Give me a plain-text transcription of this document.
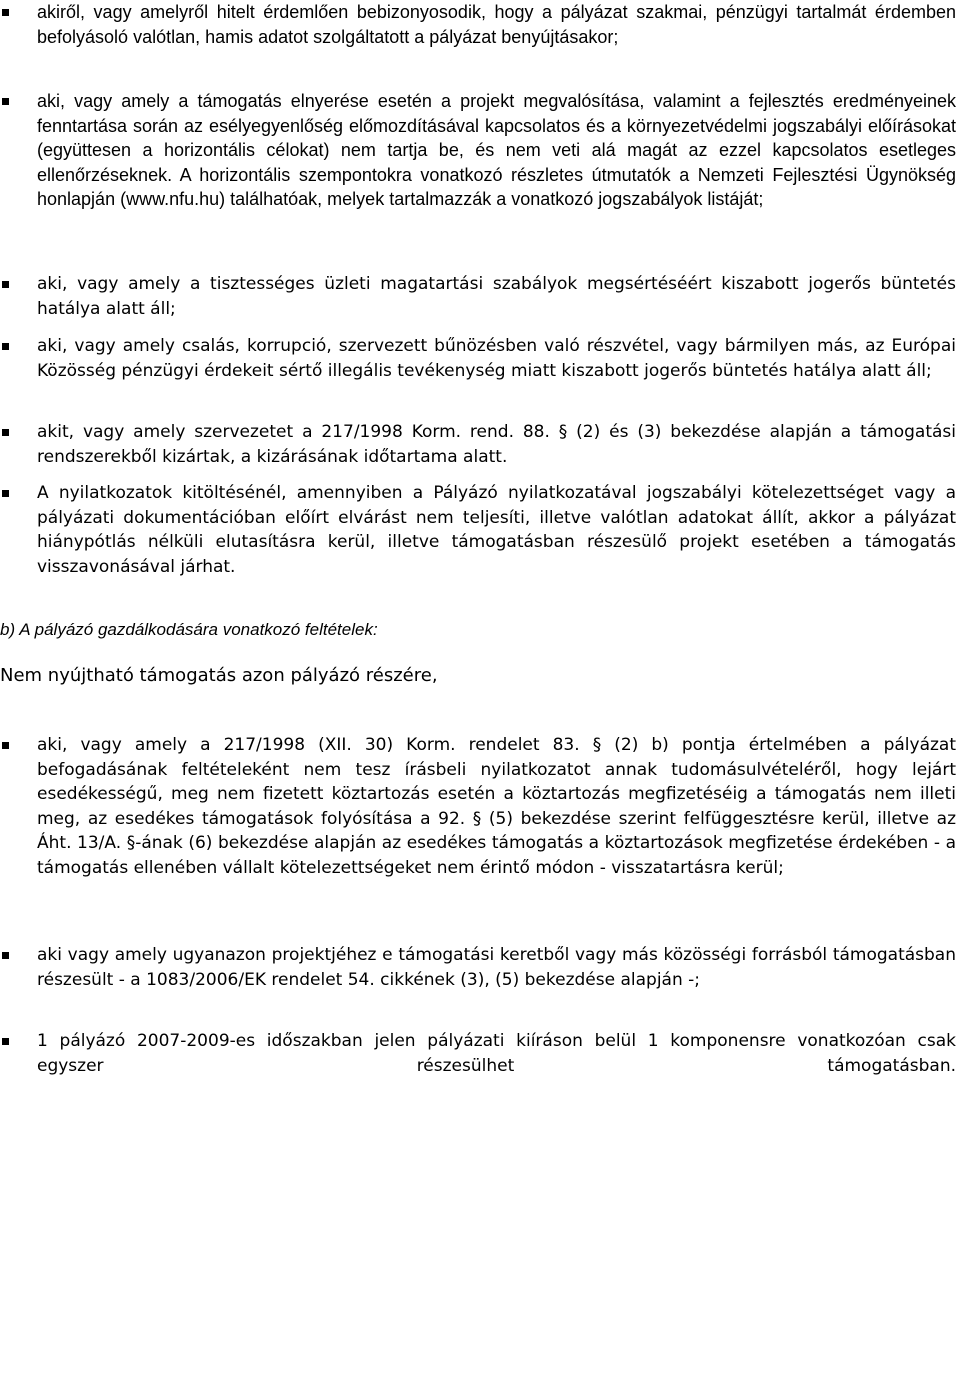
akiről, vagy amelyről hitelt érdemlően bebizonyosodik, hogy a pályázat szakmai, pénzügyi tartalmát érdemben befolyásoló valótlan, hamis adatot szolgáltatott a pályázat benyújtásakor;
aki, vagy amely a támogatás elnyerése esetén a projekt megvalósítása, valamint a fejlesztés eredményeinek fenntartása során az esélyegyenlőség előmozdításával kapcsolatos és a környezetvédelmi jogszabályi előírásokat (együttesen a horizontális célokat) nem tartja be, és nem veti alá magát az ezzel kapcsolatos esetleges ellenőrzéseknek. A horizontális szempontokra vonatkozó részletes útmutatók a Nemzeti Fejlesztési Ügynökség honlapján (www.nfu.hu) találhatóak, melyek tartalmazzák a vonatkozó jogszabályok listáját;
aki, vagy amely a tisztességes üzleti magatartási szabályok megsértéséért kiszabott jogerős büntetés hatálya alatt áll;
aki, vagy amely csalás, korrupció, szervezett bűnözésben való részvétel, vagy bármilyen más, az Európai Közösség pénzügyi érdekeit sértő illegális tevékenység miatt kiszabott jogerős büntetés hatálya alatt áll;
akit, vagy amely szervezetet a 217/1998 Korm. rend. 88. § (2) és (3) bekezdése alapján a támogatási rendszerekből kizártak, a kizárásának időtartama alatt.
A nyilatkozatok kitöltésénél, amennyiben a Pályázó nyilatkozatával jogszabályi kötelezettséget vagy a pályázati dokumentációban előírt elvárást nem teljesíti, illetve valótlan adatokat állít, akkor a pályázat hiánypótlás nélküli elutasításra kerül, illetve támogatásban részesülő projekt esetében a támogatás visszavonásával járhat.
b) A pályázó gazdálkodására vonatkozó feltételek:
Nem nyújtható támogatás azon pályázó részére,
aki, vagy amely a 217/1998 (XII. 30) Korm. rendelet 83. § (2) b) pontja értelmében a pályázat befogadásának feltételeként nem tesz írásbeli nyilatkozatot annak tudomásulvételéről, hogy lejárt esedékességű, meg nem fizetett köztartozás esetén a köztartozás megfizetéséig a támogatás nem illeti meg, az esedékes támogatások folyósítása a 92. § (5) bekezdése szerint felfüggesztésre kerül, illetve az Áht. 13/A. §-ának (6) bekezdése alapján az esedékes támogatás a köztartozások megfizetése érdekében - a támogatás ellenében vállalt kötelezettségeket nem érintő módon - visszatartásra kerül;
aki vagy amely ugyanazon projektjéhez e támogatási keretből vagy más közösségi forrásból támogatásban részesült - a 1083/2006/EK rendelet 54. cikkének (3), (5) bekezdése alapján -;
1 pályázó 2007-2009-es időszakban jelen pályázati kiíráson belül 1 komponensre vonatkozóan csak egyszer részesülhet támogatásban.
